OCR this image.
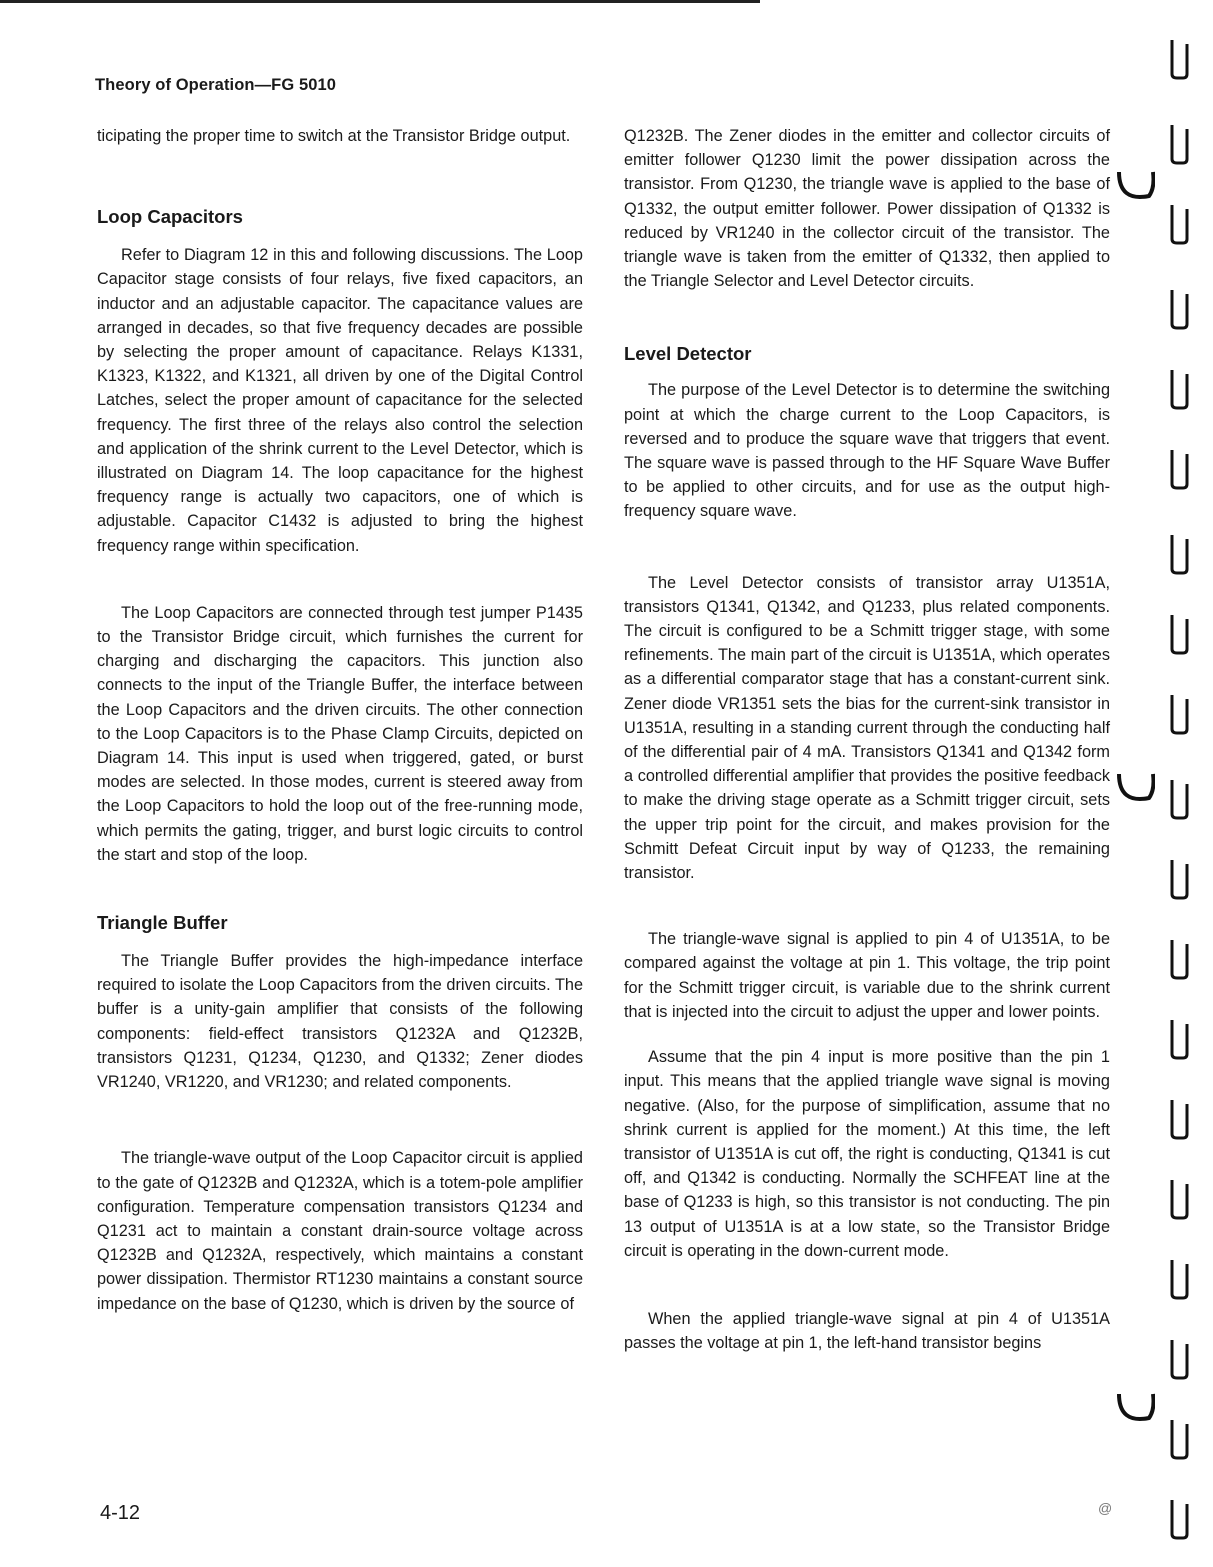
Theory of Operation—FG 5010

ticipating the proper time to switch at the Transistor Bridge output.

Loop Capacitors

Refer to Diagram 12 in this and following discussions. The Loop Capacitor stage consists of four relays, five fixed capacitors, an inductor and an adjustable capacitor. The capacitance values are arranged in decades, so that five frequency decades are possible by selecting the proper amount of capacitance. Relays K1331, K1323, K1322, and K1321, all driven by one of the Digital Control Latches, select the proper amount of capacitance for the selected frequency. The first three of the relays also control the selection and application of the shrink current to the Level Detector, which is illustrated on Diagram 14. The loop capacitance for the highest frequency range is actually two capacitors, one of which is adjustable. Capacitor C1432 is adjusted to bring the highest frequency range within specification.

The Loop Capacitors are connected through test jumper P1435 to the Transistor Bridge circuit, which furnishes the current for charging and discharging the capacitors. This junction also connects to the input of the Triangle Buffer, the interface between the Loop Capacitors and the driven circuits. The other connection to the Loop Capacitors is to the Phase Clamp Circuits, depicted on Diagram 14. This input is used when triggered, gated, or burst modes are selected. In those modes, current is steered away from the Loop Capacitors to hold the loop out of the free-running mode, which permits the gating, trigger, and burst logic circuits to control the start and stop of the loop.

Triangle Buffer

The Triangle Buffer provides the high-impedance interface required to isolate the Loop Capacitors from the driven circuits. The buffer is a unity-gain amplifier that consists of the following components: field-effect transistors Q1232A and Q1232B, transistors Q1231, Q1234, Q1230, and Q1332; Zener diodes VR1240, VR1220, and VR1230; and related components.

The triangle-wave output of the Loop Capacitor circuit is applied to the gate of Q1232B and Q1232A, which is a totem-pole amplifier configuration. Temperature compensation transistors Q1234 and Q1231 act to maintain a constant drain-source voltage across Q1232B and Q1232A, respectively, which maintains a constant power dissipation. Thermistor RT1230 maintains a constant source impedance on the base of Q1230, which is driven by the source of

Q1232B. The Zener diodes in the emitter and collector circuits of emitter follower Q1230 limit the power dissipation across the transistor. From Q1230, the triangle wave is applied to the base of Q1332, the output emitter follower. Power dissipation of Q1332 is reduced by VR1240 in the collector circuit of the transistor. The triangle wave is taken from the emitter of Q1332, then applied to the Triangle Selector and Level Detector circuits.

Level Detector

The purpose of the Level Detector is to determine the switching point at which the charge current to the Loop Capacitors, is reversed and to produce the square wave that triggers that event. The square wave is passed through to the HF Square Wave Buffer to be applied to other circuits, and for use as the output high-frequency square wave.

The Level Detector consists of transistor array U1351A, transistors Q1341, Q1342, and Q1233, plus related components. The circuit is configured to be a Schmitt trigger stage, with some refinements. The main part of the circuit is U1351A, which operates as a differential comparator stage that has a constant-current sink. Zener diode VR1351 sets the bias for the current-sink transistor in U1351A, resulting in a standing current through the conducting half of the differential pair of 4 mA. Transistors Q1341 and Q1342 form a controlled differential amplifier that provides the positive feedback to make the driving stage operate as a Schmitt trigger circuit, sets the upper trip point for the circuit, and makes provision for the Schmitt Defeat Circuit input by way of Q1233, the remaining transistor.

The triangle-wave signal is applied to pin 4 of U1351A, to be compared against the voltage at pin 1. This voltage, the trip point for the Schmitt trigger circuit, is variable due to the shrink current that is injected into the circuit to adjust the upper and lower points.

Assume that the pin 4 input is more positive than the pin 1 input. This means that the applied triangle wave signal is moving negative. (Also, for the purpose of simplification, assume that no shrink current is applied for the moment.) At this time, the left transistor of U1351A is cut off, the right is conducting, Q1341 is cut off, and Q1342 is conducting. Normally the SCHFEAT line at the base of Q1233 is high, so this transistor is not conducting. The pin 13 output of U1351A is at a low state, so the Transistor Bridge circuit is operating in the down-current mode.

When the applied triangle-wave signal at pin 4 of U1351A passes the voltage at pin 1, the left-hand transistor begins

4-12	@
